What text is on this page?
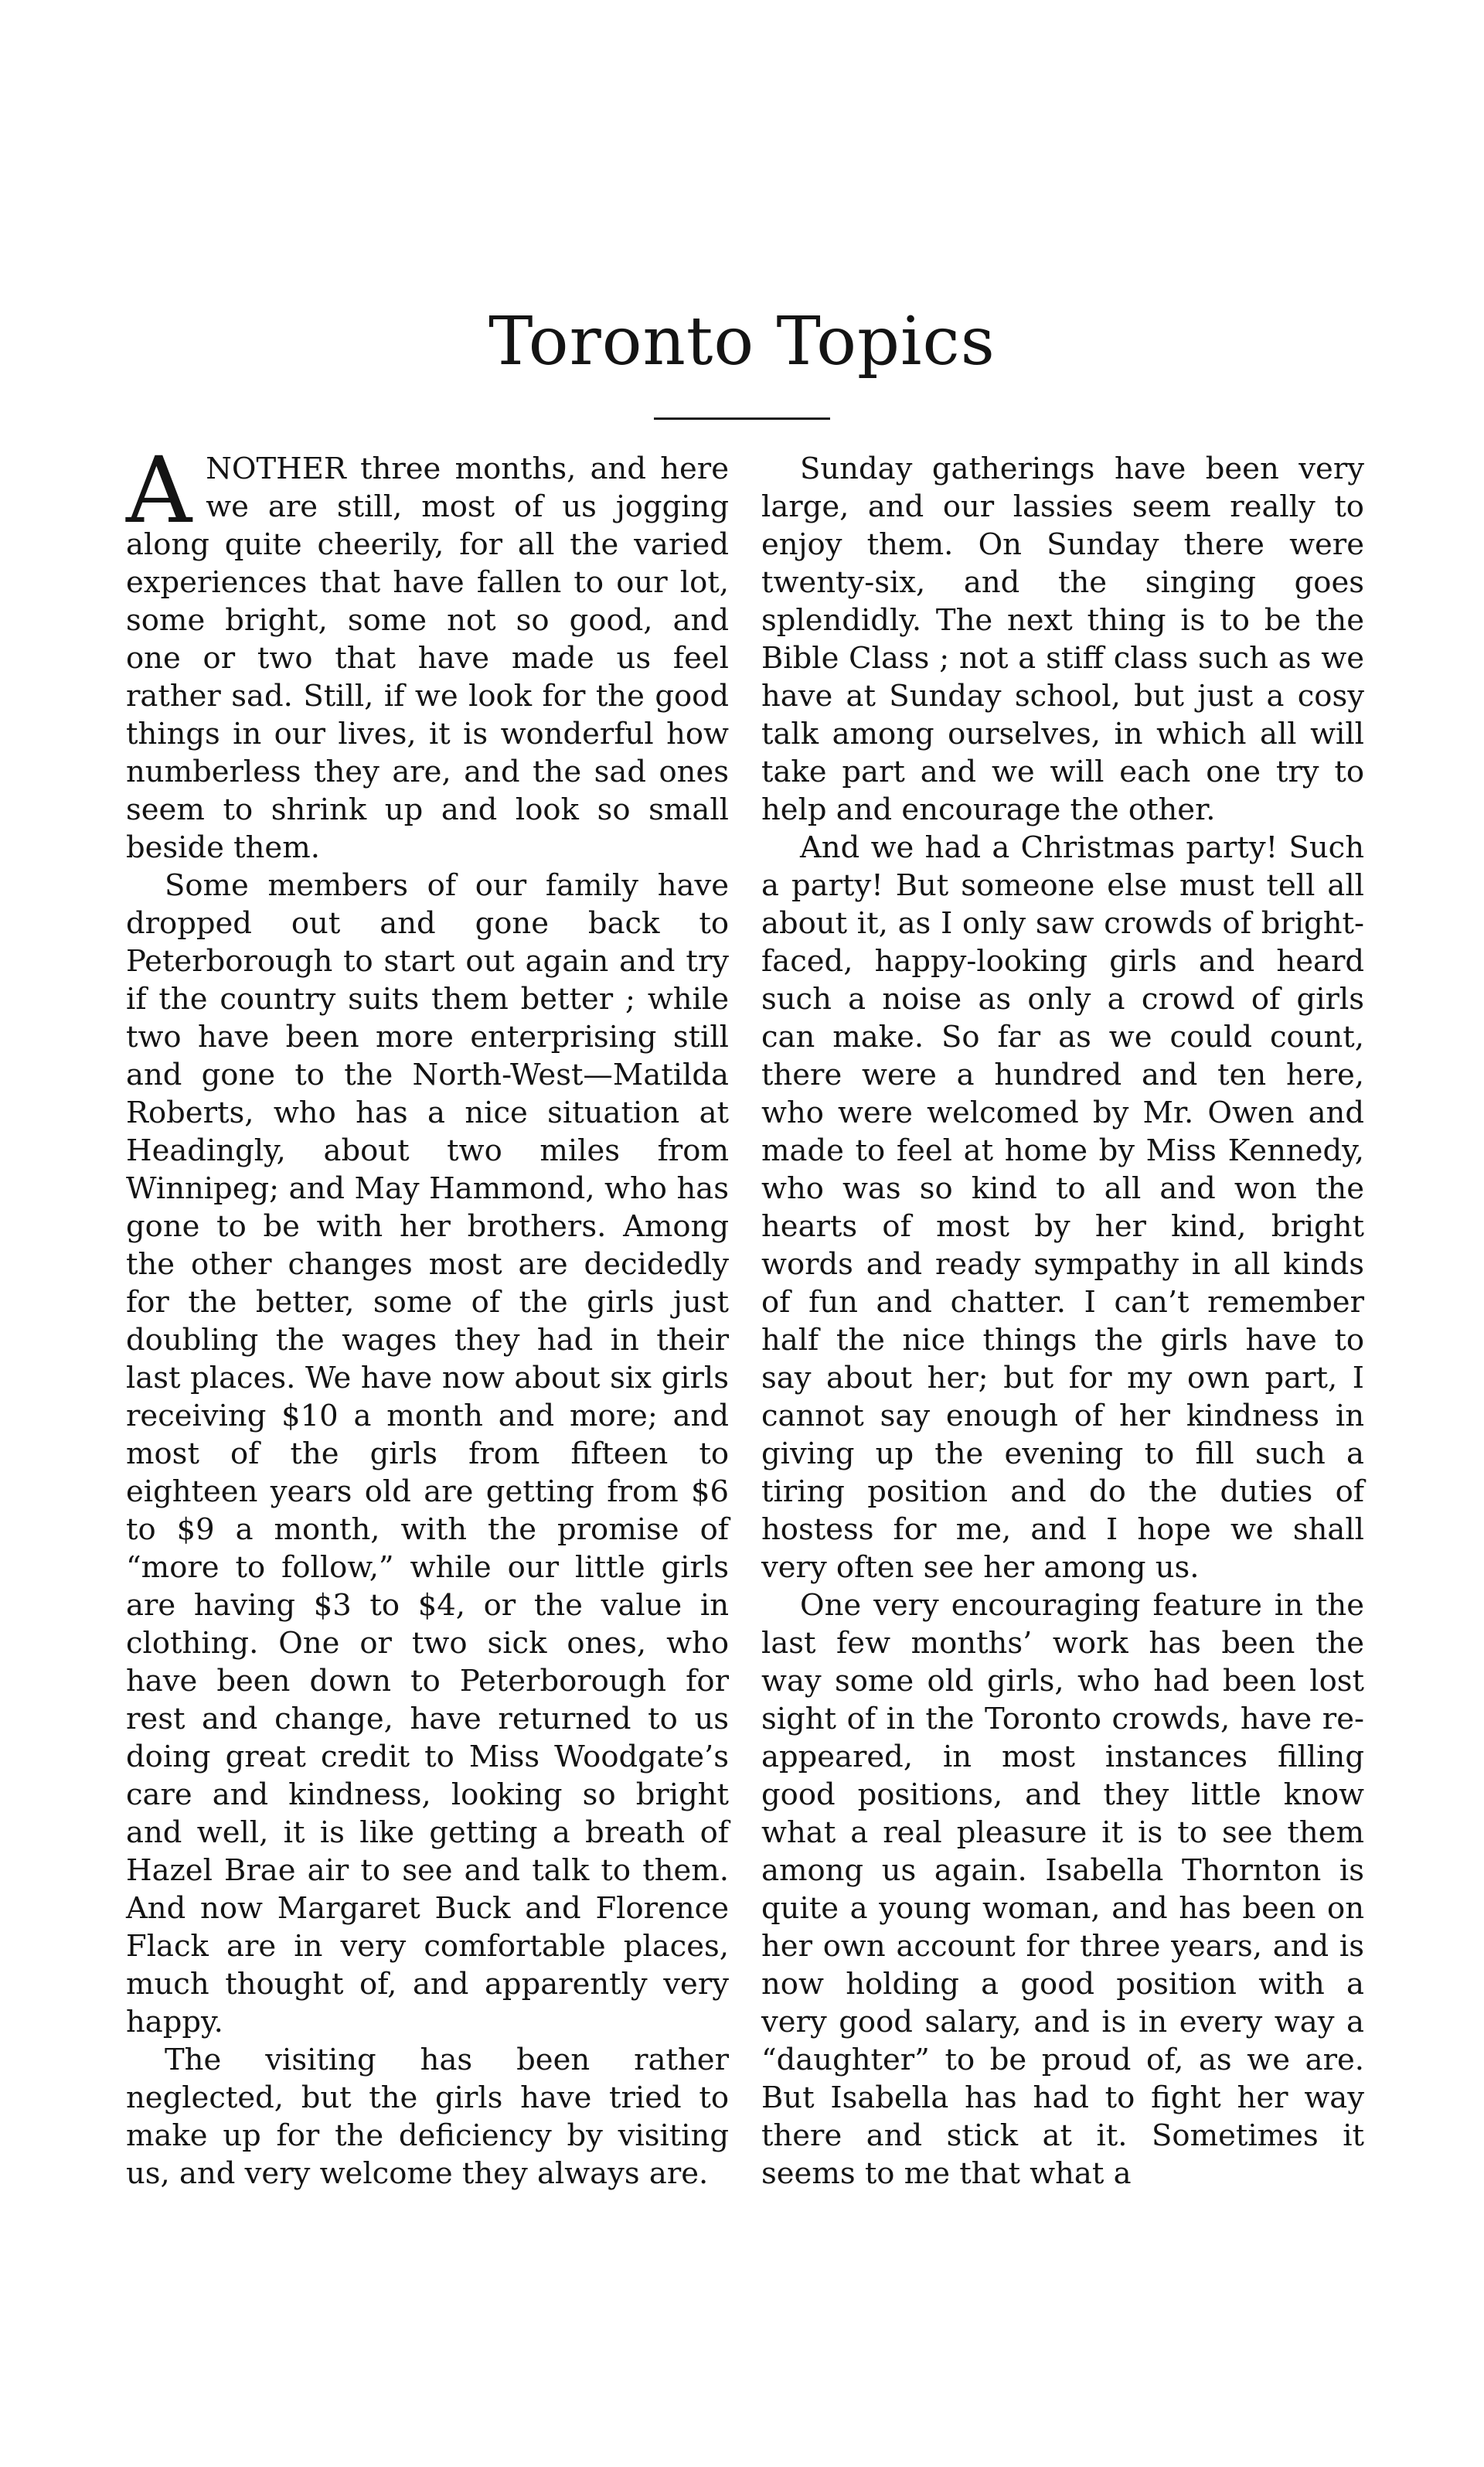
Toronto Topics

ANOTHER three months, and here we are still, most of us jogging along quite cheerily, for all the varied experiences that have fallen to our lot, some bright, some not so good, and one or two that have made us feel rather sad. Still, if we look for the good things in our lives, it is wonderful how numberless they are, and the sad ones seem to shrink up and look so small beside them.

Some members of our family have dropped out and gone back to Peterborough to start out again and try if the country suits them better ; while two have been more enterprising still and gone to the North-West—Matilda Roberts, who has a nice situation at Headingly, about two miles from Winnipeg; and May Hammond, who has gone to be with her brothers. Among the other changes most are decidedly for the better, some of the girls just doubling the wages they had in their last places. We have now about six girls receiving $10 a month and more; and most of the girls from fifteen to eighteen years old are getting from $6 to $9 a month, with the promise of “more to follow,” while our little girls are having $3 to $4, or the value in clothing. One or two sick ones, who have been down to Peterborough for rest and change, have returned to us doing great credit to Miss Woodgate’s care and kindness, looking so bright and well, it is like getting a breath of Hazel Brae air to see and talk to them. And now Margaret Buck and Florence Flack are in very comfortable places, much thought of, and apparently very happy.

The visiting has been rather neglected, but the girls have tried to make up for the deficiency by visiting us, and very welcome they always are.

Sunday gatherings have been very large, and our lassies seem really to enjoy them. On Sunday there were twenty-six, and the singing goes splendidly. The next thing is to be the Bible Class ; not a stiff class such as we have at Sunday school, but just a cosy talk among ourselves, in which all will take part and we will each one try to help and encourage the other.

And we had a Christmas party! Such a party! But someone else must tell all about it, as I only saw crowds of bright-faced, happy-looking girls and heard such a noise as only a crowd of girls can make. So far as we could count, there were a hundred and ten here, who were welcomed by Mr. Owen and made to feel at home by Miss Kennedy, who was so kind to all and won the hearts of most by her kind, bright words and ready sympathy in all kinds of fun and chatter. I can’t remember half the nice things the girls have to say about her; but for my own part, I cannot say enough of her kindness in giving up the evening to fill such a tiring position and do the duties of hostess for me, and I hope we shall very often see her among us.

One very encouraging feature in the last few months’ work has been the way some old girls, who had been lost sight of in the Toronto crowds, have re-appeared, in most instances filling good positions, and they little know what a real pleasure it is to see them among us again. Isabella Thornton is quite a young woman, and has been on her own account for three years, and is now holding a good position with a very good salary, and is in every way a “daughter” to be proud of, as we are. But Isabella has had to fight her way there and stick at it. Sometimes it seems to me that what a
